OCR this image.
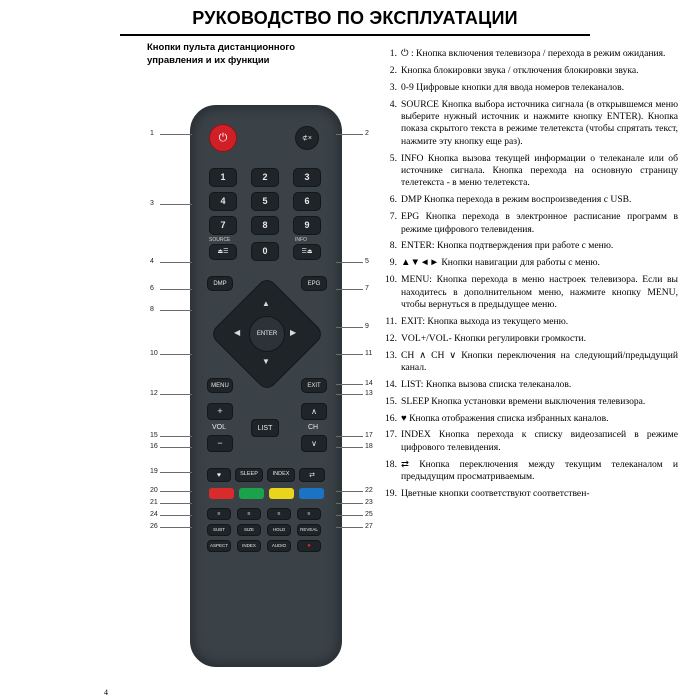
РУКОВОДСТВО ПО ЭКСПЛУАТАЦИИ
Кнопки пульта дистанционного управления и их функции
⏻	⊄×
1	2	3
4	5	6
7	8	9
SOURCE	INFO
⏏☰	0	☰⏏
DMP	EPG
▲
▼
◀	▶
ENTER
MENU	EXIT
+
VOL
−
LIST
∧
CH
∨
♥	SLEEP	INDEX	⇄
≡	≡	≡	≡
SUBT	SIZE	HOLD	REVEAL
ASPECT	INDEX	AUDIO	●
1
3
4
6
8
10
12
15
16
19
20
21
24
26
2
5
7
9
11
14
13
17
18
22
23
25
27
1. ⏻ : Кнопка включения телевизора / перехода в режим ожидания.
2. Кнопка блокировки звука / отключения блокировки звука.
3. 0-9 Цифровые кнопки для ввода номеров телеканалов.
4. SOURCE Кнопка выбора источника сигнала (в открывшемся меню выберите нужный источник и нажмите кнопку ENTER). Кнопка показа скрытого текста в режиме телетекста (чтобы спрятать текст, нажмите эту кнопку еще раз).
5. INFO Кнопка вызова текущей информации о телеканале или об источнике сигнала. Кнопка перехода на основную страницу телетекста - в меню телетекста.
6. DMP Кнопка перехода в режим воспроизведения с USB.
7. EPG Кнопка перехода в электронное расписание программ в режиме цифрового телевидения.
8. ENTER: Кнопка подтверждения при работе с меню.
9. ▲▼◄► Кнопки навигации для работы с меню.
10. MENU: Кнопка перехода в меню настроек телевизора. Если вы находитесь в дополнительном меню, нажмите кнопку MENU, чтобы вернуться в предыдущее меню.
11. EXIT: Кнопка выхода из текущего меню.
12. VOL+/VOL- Кнопки регулировки громкости.
13. CH ∧ CH ∨ Кнопки переключения на следующий/предыдущий канал.
14. LIST: Кнопка вызова списка телеканалов.
15. SLEEP Кнопка установки времени выключения телевизора.
16. ♥ Кнопка отображения списка избранных каналов.
17. INDEX Кнопка перехода к списку видеозаписей в режиме цифрового телевидения.
18. ⇄ Кнопка переключения между текущим телеканалом и предыдущим просматриваемым.
19. Цветные кнопки соответствуют соответствен-
4
